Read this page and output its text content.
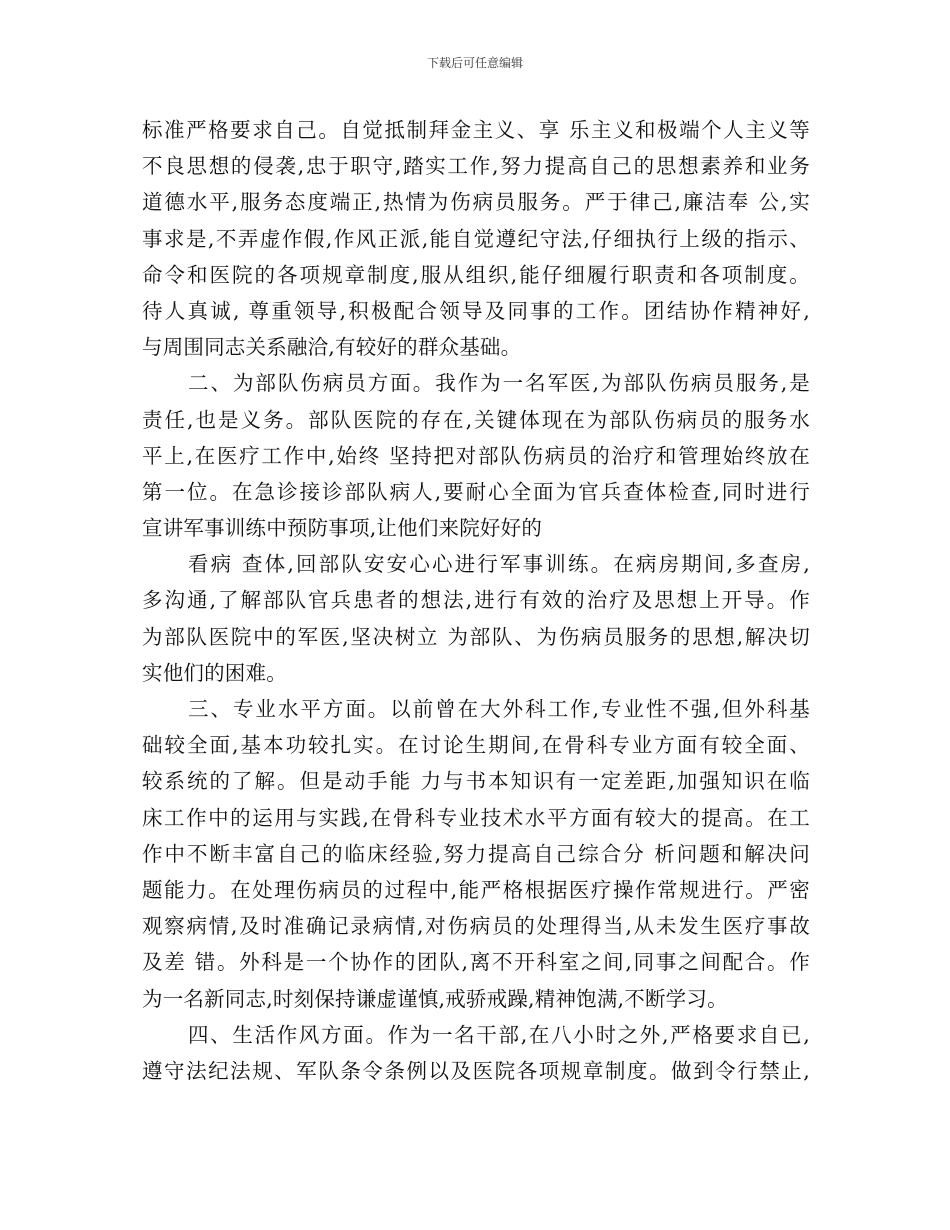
下载后可任意编辑
标准严格要求自己。自觉抵制拜金主义、享 乐主义和极端个人主义等
不良思想的侵袭,忠于职守,踏实工作,努力提高自己的思想素养和业务
道德水平,服务态度端正,热情为伤病员服务。严于律己,廉洁奉 公,实
事求是,不弄虚作假,作风正派,能自觉遵纪守法,仔细执行上级的指示、
命令和医院的各项规章制度,服从组织,能仔细履行职责和各项制度。
待人真诚, 尊重领导,积极配合领导及同事的工作。团结协作精神好,
与周围同志关系融洽,有较好的群众基础。
二、为部队伤病员方面。我作为一名军医,为部队伤病员服务,是
责任,也是义务。部队医院的存在,关键体现在为部队伤病员的服务水
平上,在医疗工作中,始终 坚持把对部队伤病员的治疗和管理始终放在
第一位。在急诊接诊部队病人,要耐心全面为官兵查体检查,同时进行
宣讲军事训练中预防事项,让他们来院好好的
看病 查体,回部队安安心心进行军事训练。在病房期间,多查房,
多沟通,了解部队官兵患者的想法,进行有效的治疗及思想上开导。作
为部队医院中的军医,坚决树立 为部队、为伤病员服务的思想,解决切
实他们的困难。
三、专业水平方面。以前曾在大外科工作,专业性不强,但外科基
础较全面,基本功较扎实。在讨论生期间,在骨科专业方面有较全面、
较系统的了解。但是动手能 力与书本知识有一定差距,加强知识在临
床工作中的运用与实践,在骨科专业技术水平方面有较大的提高。在工
作中不断丰富自己的临床经验,努力提高自己综合分 析问题和解决问
题能力。在处理伤病员的过程中,能严格根据医疗操作常规进行。严密
观察病情,及时准确记录病情,对伤病员的处理得当,从未发生医疗事故
及差 错。外科是一个协作的团队,离不开科室之间,同事之间配合。作
为一名新同志,时刻保持谦虚谨慎,戒骄戒躁,精神饱满,不断学习。
四、生活作风方面。作为一名干部,在八小时之外,严格要求自已,
遵守法纪法规、军队条令条例以及医院各项规章制度。做到令行禁止,
